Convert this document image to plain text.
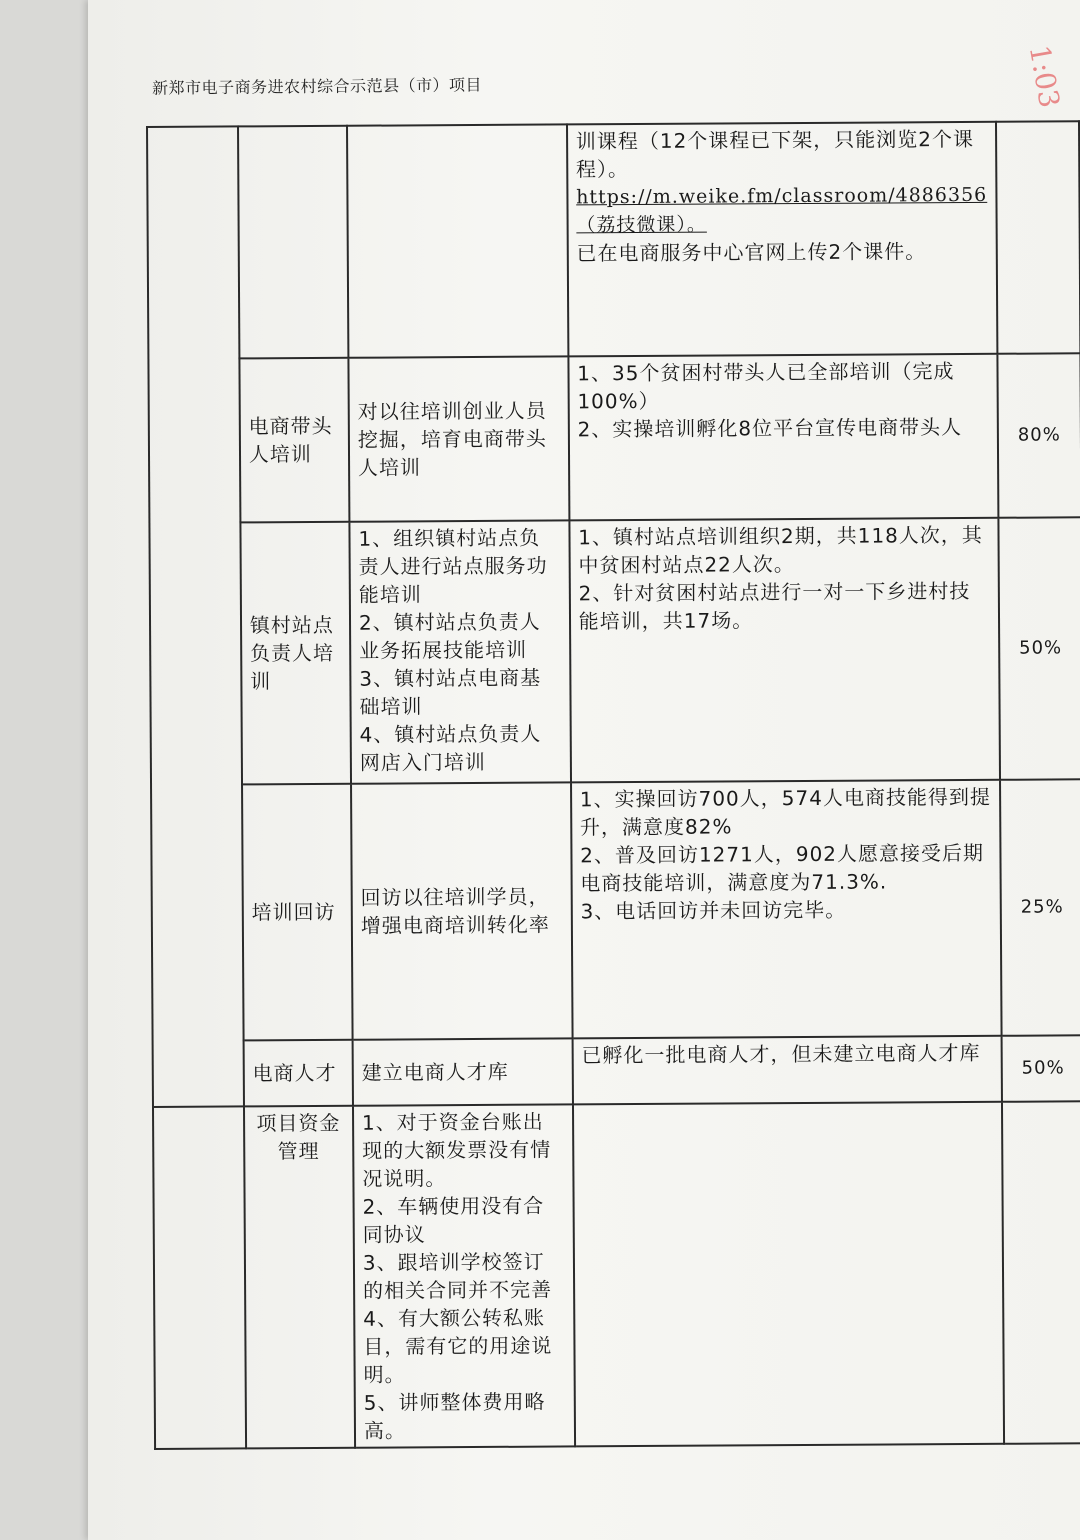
新郑市电子商务进农村综合示范县（市）项目	1:03

			训课程（12个课程已下架，只能浏览2个课程）。
https://m.weike.fm/classroom/4886356（荔技微课）。
已在电商服务中心官网上传2个课件。	

	电商带头人培训	对以往培训创业人员挖掘，培育电商带头人培训	1、35个贫困村带头人已全部培训（完成100%）
2、实操培训孵化8位平台宣传电商带头人	80%
	镇村站点负责人培训	1、组织镇村站点负责人进行站点服务功能培训
2、镇村站点负责人业务拓展技能培训
3、镇村站点电商基础培训
4、镇村站点负责人网店入门培训	1、镇村站点培训组织2期，共118人次，其中贫困村站点22人次。
2、针对贫困村站点进行一对一下乡进村技能培训，共17场。	50%
	培训回访	回访以往培训学员，增强电商培训转化率	1、实操回访700人，574人电商技能得到提升，满意度82%
2、普及回访1271人，902人愿意接受后期电商技能培训，满意度为71.3%.
3、电话回访并未回访完毕。	25%
	电商人才	建立电商人才库	已孵化一批电商人才，但未建立电商人才库	50%
	项目资金管理	1、对于资金台账出现的大额发票没有情况说明。
2、车辆使用没有合同协议
3、跟培训学校签订的相关合同并不完善
4、有大额公转私账目，需有它的用途说明。
5、讲师整体费用略高。		
